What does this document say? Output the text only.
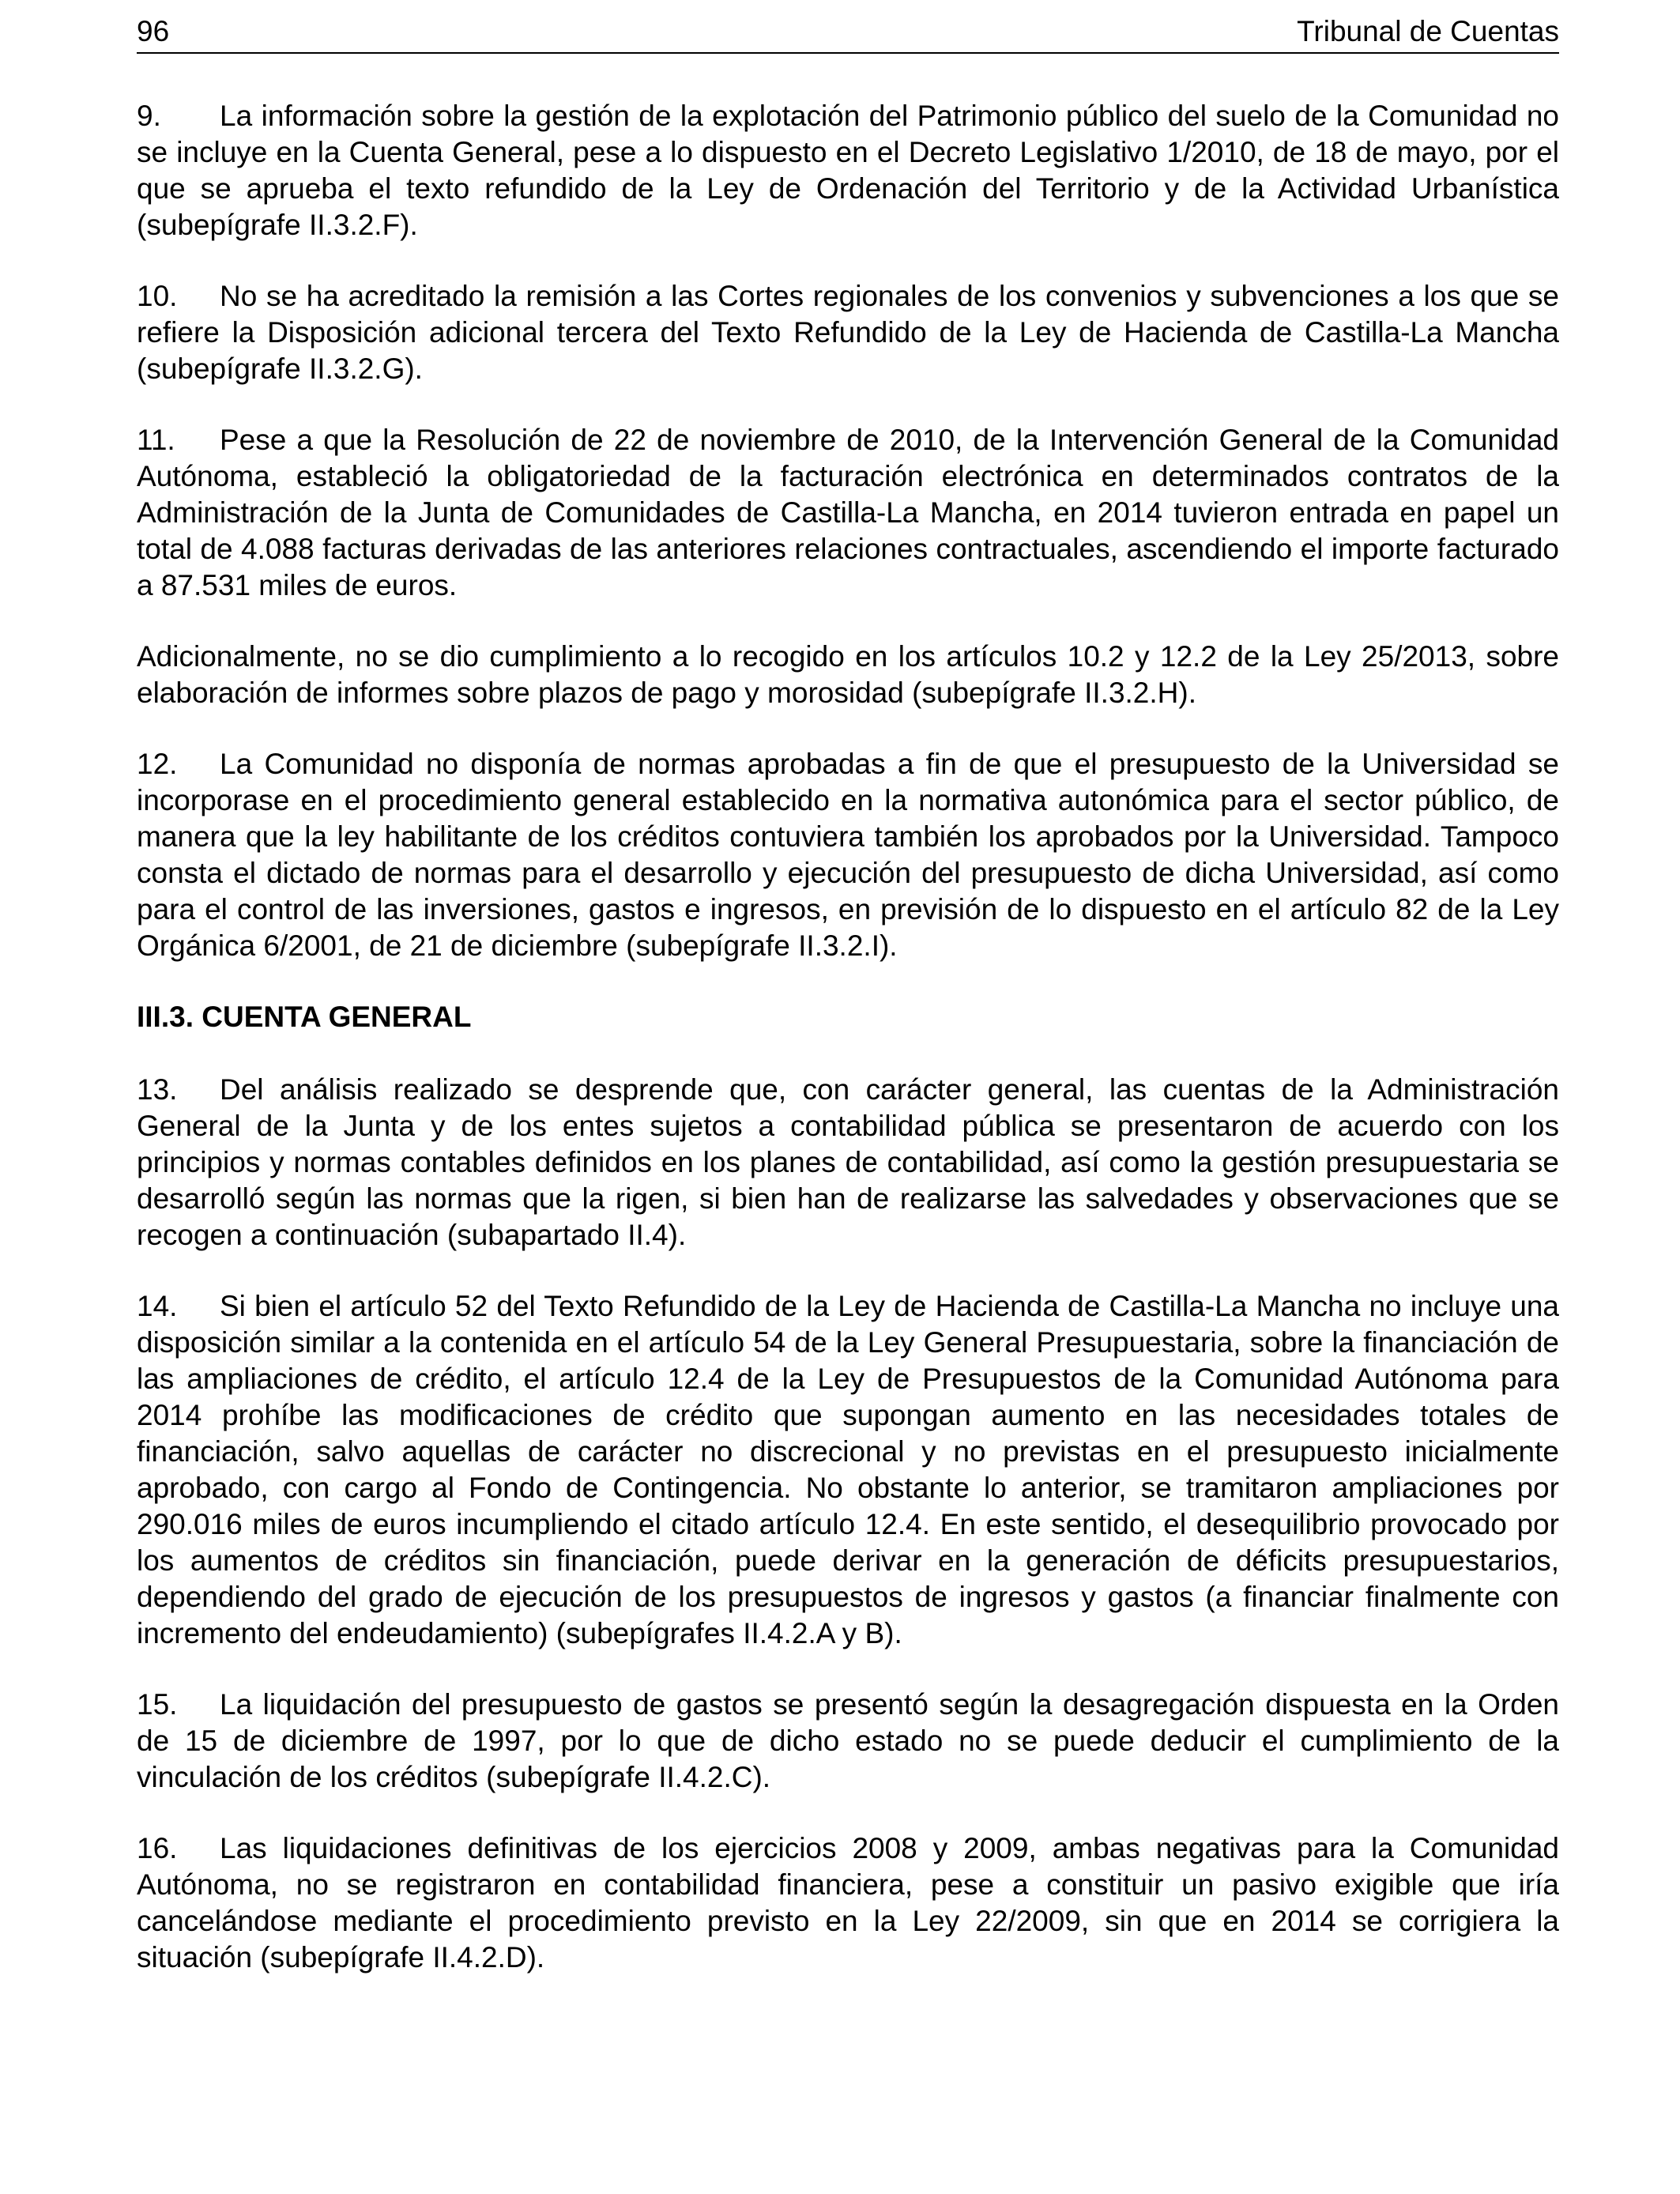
96	Tribunal de Cuentas

9. La información sobre la gestión de la explotación del Patrimonio público del suelo de la Comunidad no se incluye en la Cuenta General, pese a lo dispuesto en el Decreto Legislativo 1/2010, de 18 de mayo, por el que se aprueba el texto refundido de la Ley de Ordenación del Territorio y de la Actividad Urbanística (subepígrafe II.3.2.F).

10. No se ha acreditado la remisión a las Cortes regionales de los convenios y subvenciones a los que se refiere la Disposición adicional tercera del Texto Refundido de la Ley de Hacienda de Castilla-La Mancha (subepígrafe II.3.2.G).

11. Pese a que la Resolución de 22 de noviembre de 2010, de la Intervención General de la Comunidad Autónoma, estableció la obligatoriedad de la facturación electrónica en determinados contratos de la Administración de la Junta de Comunidades de Castilla-La Mancha, en 2014 tuvieron entrada en papel un total de 4.088 facturas derivadas de las anteriores relaciones contractuales, ascendiendo el importe facturado a 87.531 miles de euros.

Adicionalmente, no se dio cumplimiento a lo recogido en los artículos 10.2 y 12.2 de la Ley 25/2013, sobre elaboración de informes sobre plazos de pago y morosidad (subepígrafe II.3.2.H).

12. La Comunidad no disponía de normas aprobadas a fin de que el presupuesto de la Universidad se incorporase en el procedimiento general establecido en la normativa autonómica para el sector público, de manera que la ley habilitante de los créditos contuviera también los aprobados por la Universidad. Tampoco consta el dictado de normas para el desarrollo y ejecución del presupuesto de dicha Universidad, así como para el control de las inversiones, gastos e ingresos, en previsión de lo dispuesto en el artículo 82 de la Ley Orgánica 6/2001, de 21 de diciembre (subepígrafe II.3.2.I).

III.3. CUENTA GENERAL

13. Del análisis realizado se desprende que, con carácter general, las cuentas de la Administración General de la Junta y de los entes sujetos a contabilidad pública se presentaron de acuerdo con los principios y normas contables definidos en los planes de contabilidad, así como la gestión presupuestaria se desarrolló según las normas que la rigen, si bien han de realizarse las salvedades y observaciones que se recogen a continuación (subapartado II.4).

14. Si bien el artículo 52 del Texto Refundido de la Ley de Hacienda de Castilla-La Mancha no incluye una disposición similar a la contenida en el artículo 54 de la Ley General Presupuestaria, sobre la financiación de las ampliaciones de crédito, el artículo 12.4 de la Ley de Presupuestos de la Comunidad Autónoma para 2014 prohíbe las modificaciones de crédito que supongan aumento en las necesidades totales de financiación, salvo aquellas de carácter no discrecional y no previstas en el presupuesto inicialmente aprobado, con cargo al Fondo de Contingencia. No obstante lo anterior, se tramitaron ampliaciones por 290.016 miles de euros incumpliendo el citado artículo 12.4. En este sentido, el desequilibrio provocado por los aumentos de créditos sin financiación, puede derivar en la generación de déficits presupuestarios, dependiendo del grado de ejecución de los presupuestos de ingresos y gastos (a financiar finalmente con incremento del endeudamiento) (subepígrafes II.4.2.A y B).

15. La liquidación del presupuesto de gastos se presentó según la desagregación dispuesta en la Orden de 15 de diciembre de 1997, por lo que de dicho estado no se puede deducir el cumplimiento de la vinculación de los créditos (subepígrafe II.4.2.C).

16. Las liquidaciones definitivas de los ejercicios 2008 y 2009, ambas negativas para la Comunidad Autónoma, no se registraron en contabilidad financiera, pese a constituir un pasivo exigible que iría cancelándose mediante el procedimiento previsto en la Ley 22/2009, sin que en 2014 se corrigiera la situación (subepígrafe II.4.2.D).
